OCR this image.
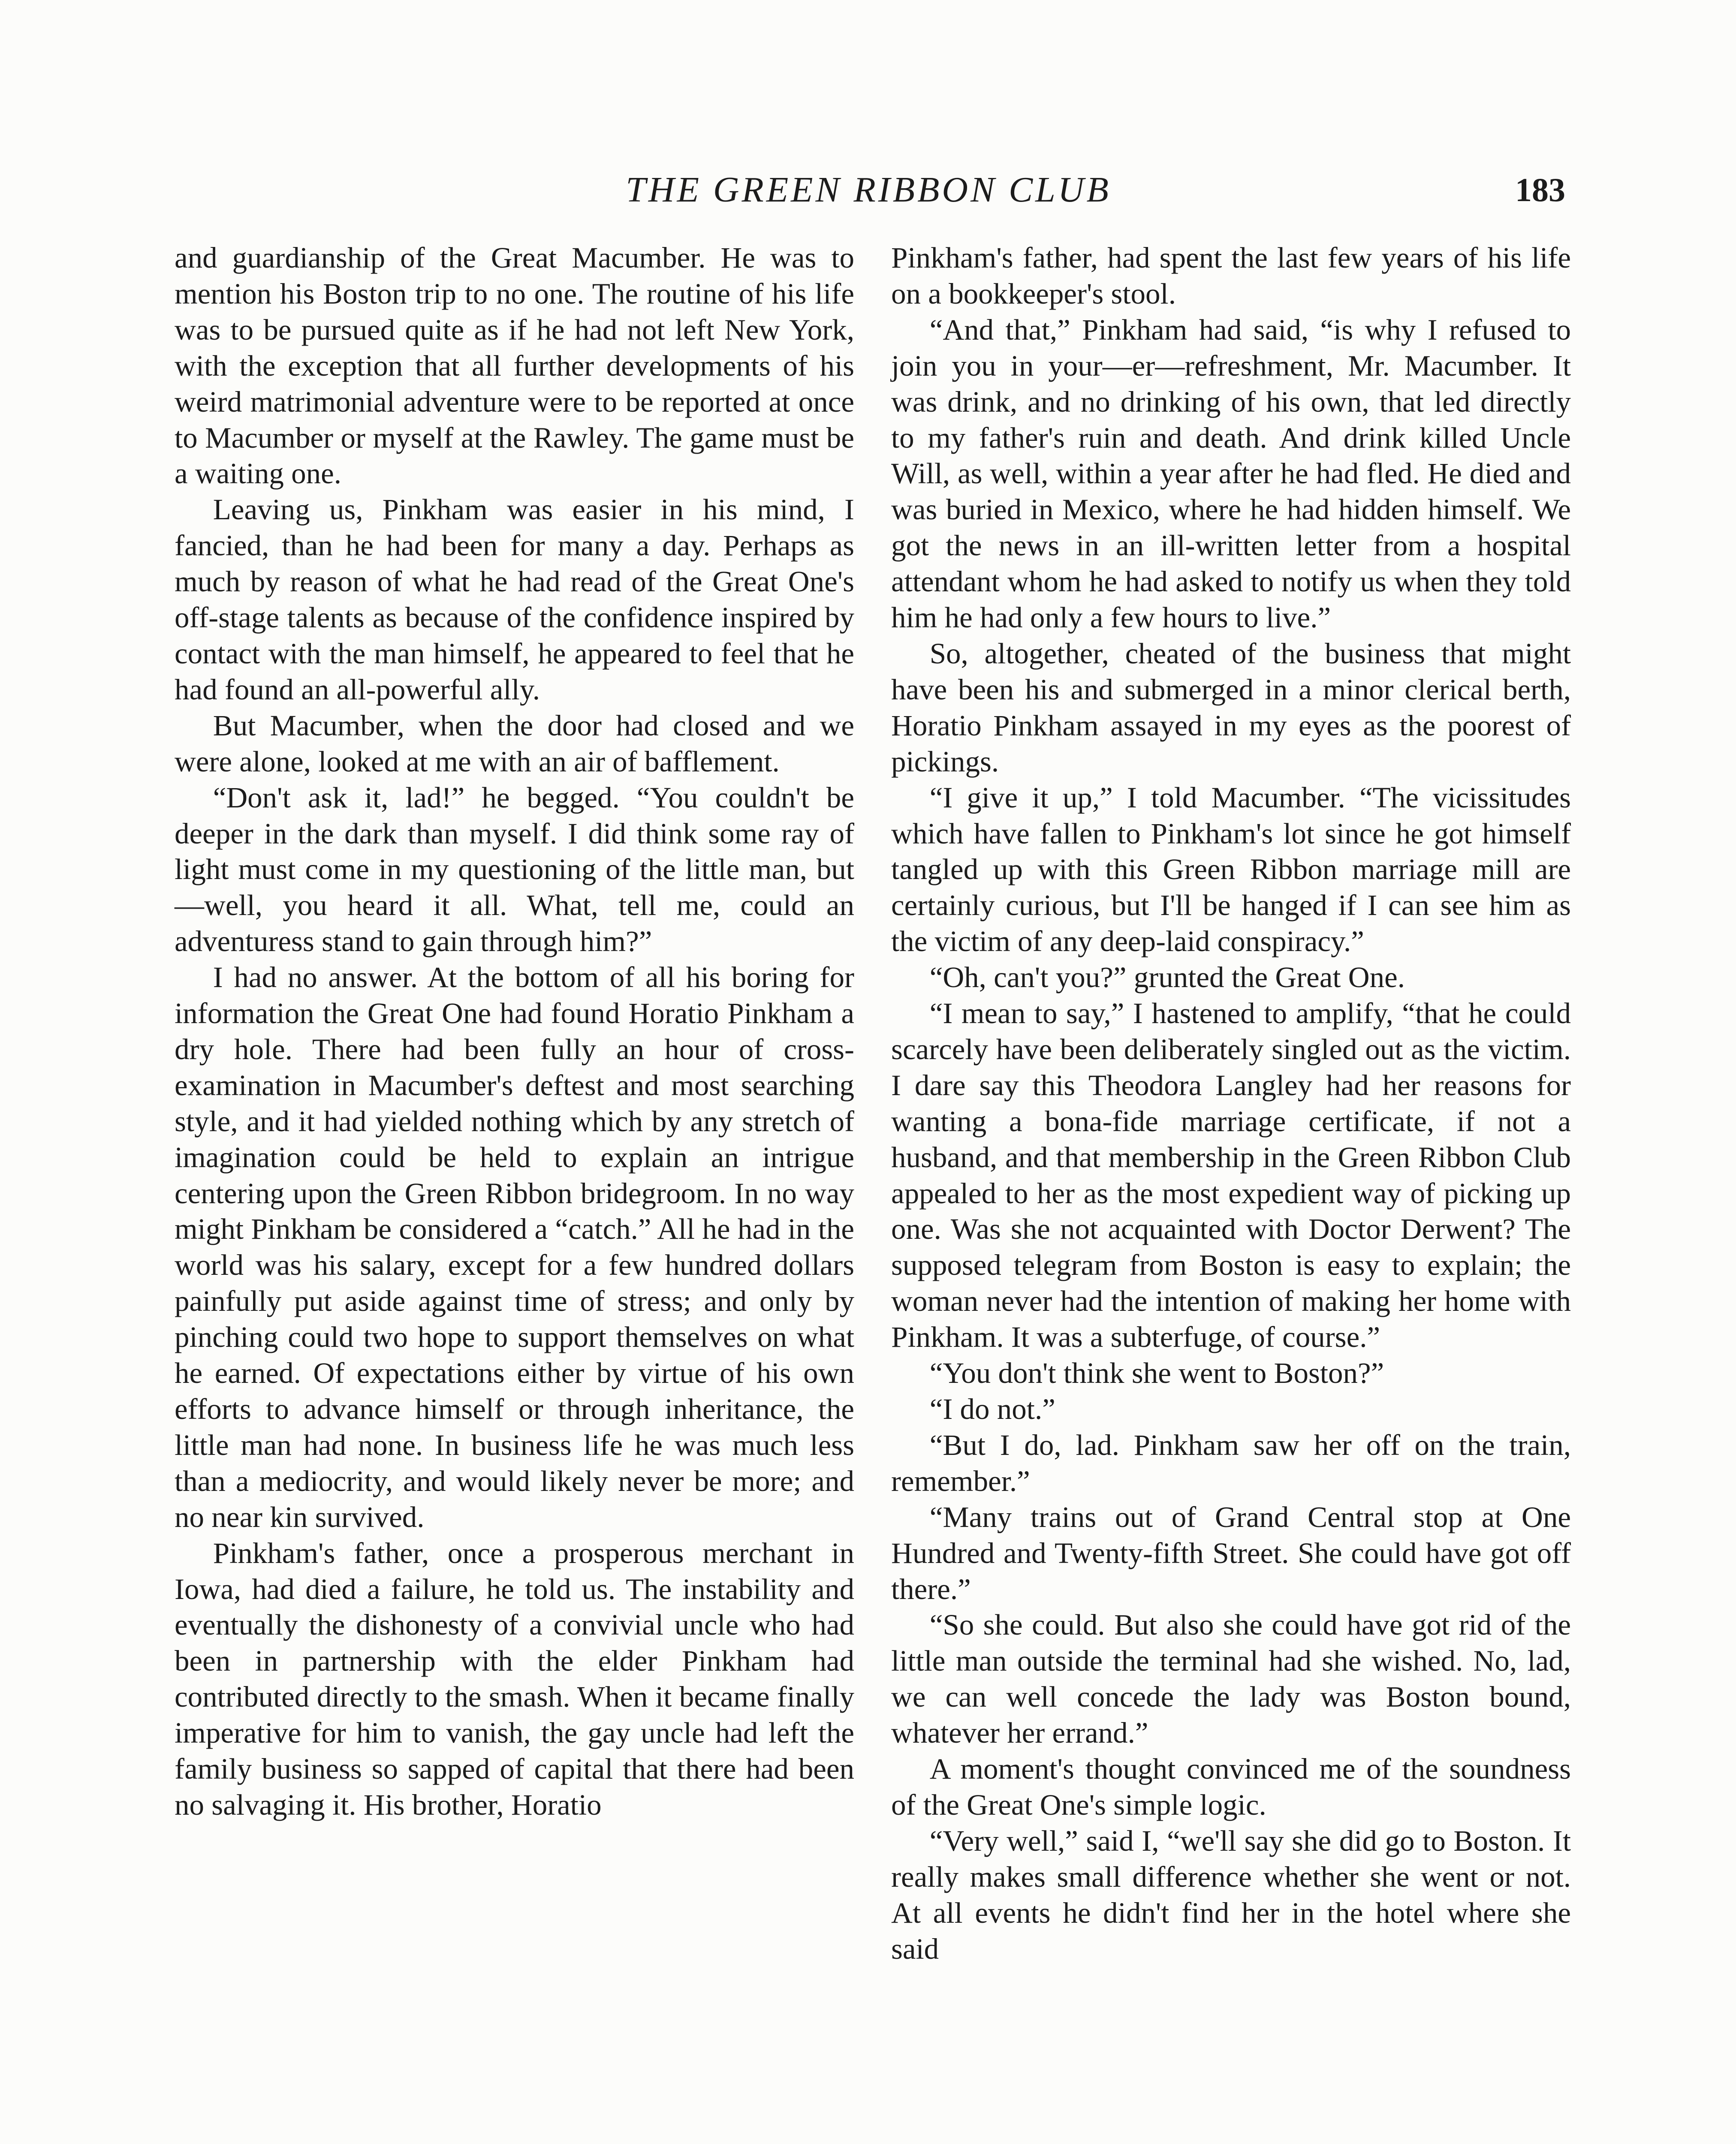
THE GREEN RIBBON CLUB	183

and guardianship of the Great Macumber. He was to mention his Boston trip to no one. The routine of his life was to be pursued quite as if he had not left New York, with the exception that all further developments of his weird matrimonial adventure were to be reported at once to Macumber or myself at the Rawley. The game must be a waiting one.

Leaving us, Pinkham was easier in his mind, I fancied, than he had been for many a day. Perhaps as much by reason of what he had read of the Great One's off-stage talents as because of the confidence inspired by contact with the man himself, he appeared to feel that he had found an all-powerful ally.

But Macumber, when the door had closed and we were alone, looked at me with an air of bafflement.

“Don't ask it, lad!” he begged. “You couldn't be deeper in the dark than myself. I did think some ray of light must come in my questioning of the little man, but—well, you heard it all. What, tell me, could an adventuress stand to gain through him?”

I had no answer. At the bottom of all his boring for information the Great One had found Horatio Pinkham a dry hole. There had been fully an hour of cross-examination in Macumber's deftest and most searching style, and it had yielded nothing which by any stretch of imagination could be held to explain an intrigue centering upon the Green Ribbon bridegroom. In no way might Pinkham be considered a “catch.” All he had in the world was his salary, except for a few hundred dollars painfully put aside against time of stress; and only by pinching could two hope to support themselves on what he earned. Of expectations either by virtue of his own efforts to advance himself or through inheritance, the little man had none. In business life he was much less than a mediocrity, and would likely never be more; and no near kin survived.

Pinkham's father, once a prosperous merchant in Iowa, had died a failure, he told us. The instability and eventually the dishonesty of a convivial uncle who had been in partnership with the elder Pinkham had contributed directly to the smash. When it became finally imperative for him to vanish, the gay uncle had left the family business so sapped of capital that there had been no salvaging it. His brother, Horatio

Pinkham's father, had spent the last few years of his life on a bookkeeper's stool.

“And that,” Pinkham had said, “is why I refused to join you in your—er—refreshment, Mr. Macumber. It was drink, and no drinking of his own, that led directly to my father's ruin and death. And drink killed Uncle Will, as well, within a year after he had fled. He died and was buried in Mexico, where he had hidden himself. We got the news in an ill-written letter from a hospital attendant whom he had asked to notify us when they told him he had only a few hours to live.”

So, altogether, cheated of the business that might have been his and submerged in a minor clerical berth, Horatio Pinkham assayed in my eyes as the poorest of pickings.

“I give it up,” I told Macumber. “The vicissitudes which have fallen to Pinkham's lot since he got himself tangled up with this Green Ribbon marriage mill are certainly curious, but I'll be hanged if I can see him as the victim of any deep-laid conspiracy.”

“Oh, can't you?” grunted the Great One.

“I mean to say,” I hastened to amplify, “that he could scarcely have been deliberately singled out as the victim. I dare say this Theodora Langley had her reasons for wanting a bona-fide marriage certificate, if not a husband, and that membership in the Green Ribbon Club appealed to her as the most expedient way of picking up one. Was she not acquainted with Doctor Derwent? The supposed telegram from Boston is easy to explain; the woman never had the intention of making her home with Pinkham. It was a subterfuge, of course.”

“You don't think she went to Boston?”

“I do not.”

“But I do, lad. Pinkham saw her off on the train, remember.”

“Many trains out of Grand Central stop at One Hundred and Twenty-fifth Street. She could have got off there.”

“So she could. But also she could have got rid of the little man outside the terminal had she wished. No, lad, we can well concede the lady was Boston bound, whatever her errand.”

A moment's thought convinced me of the soundness of the Great One's simple logic.

“Very well,” said I, “we'll say she did go to Boston. It really makes small difference whether she went or not. At all events he didn't find her in the hotel where she said
